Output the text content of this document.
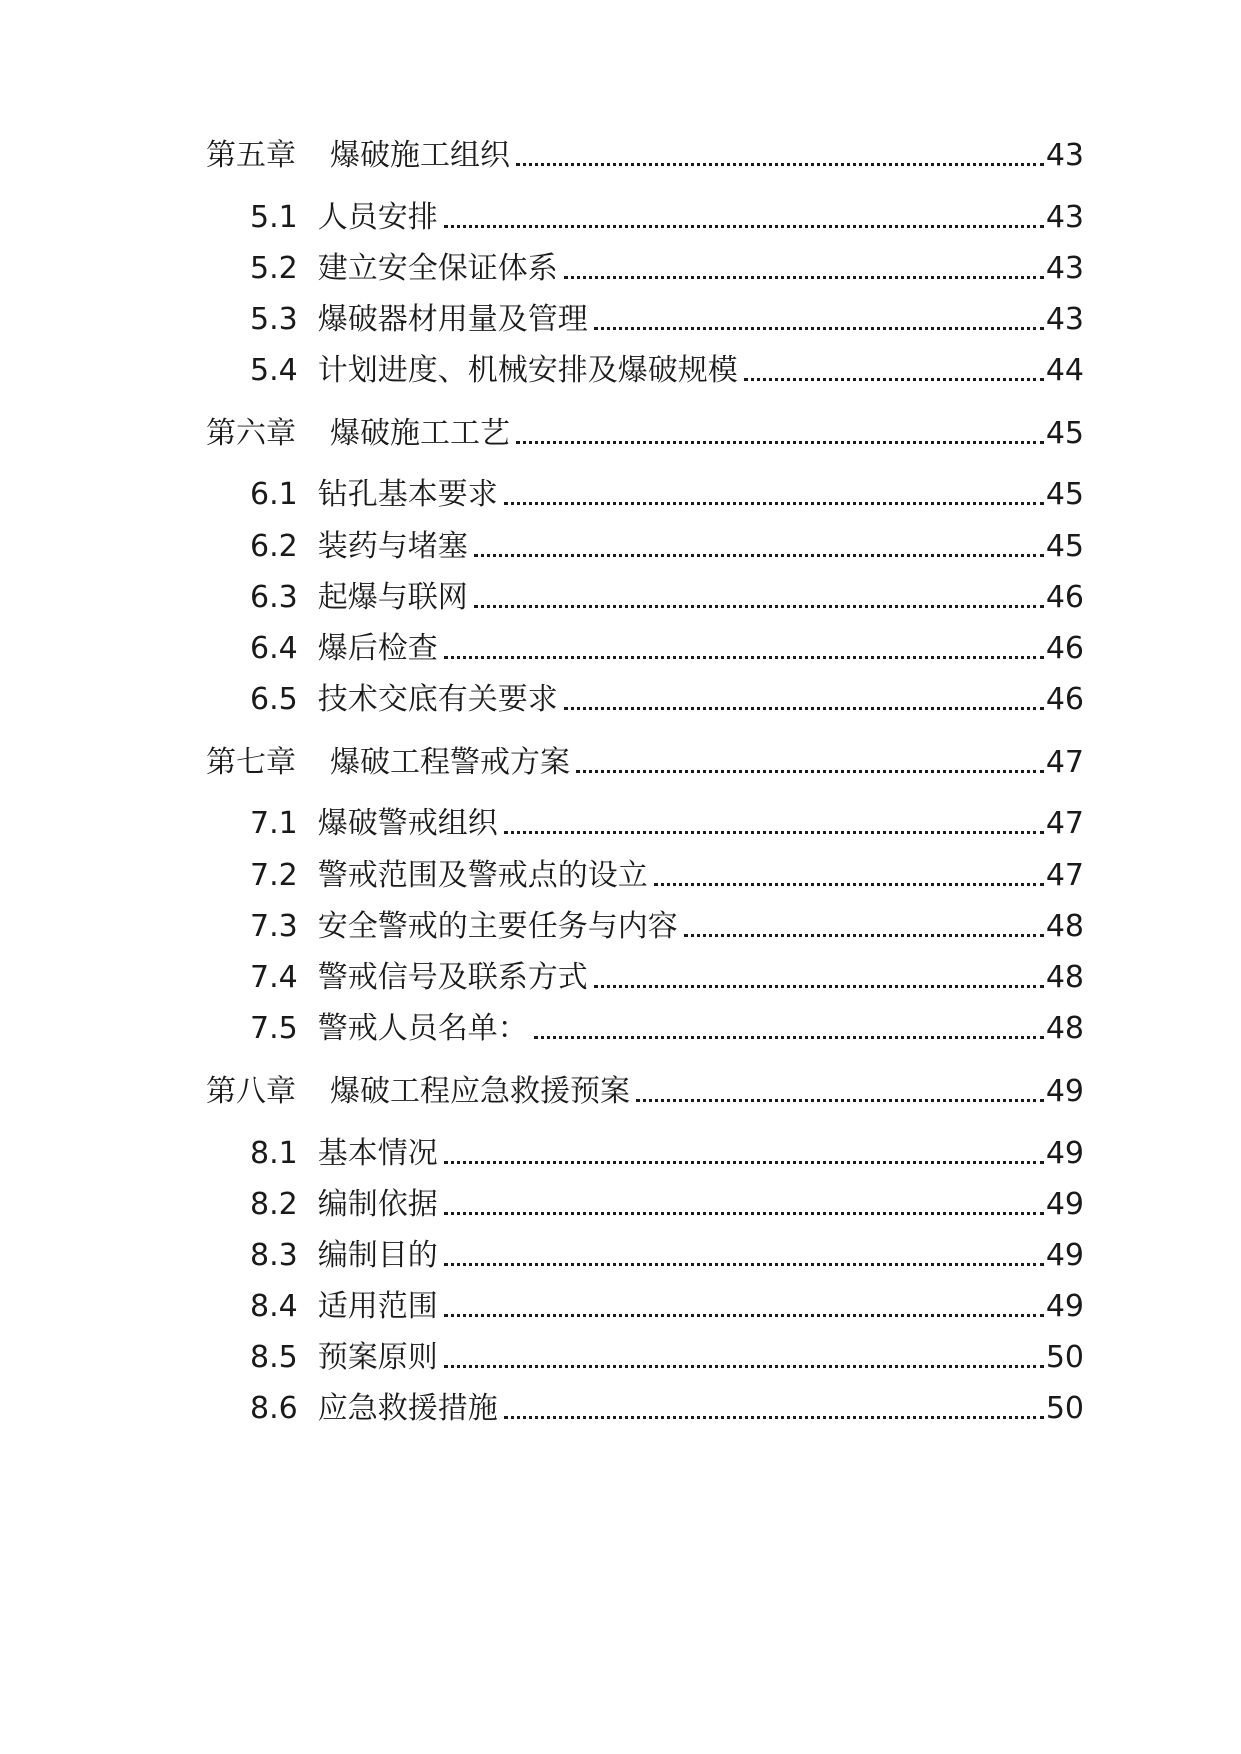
第五章 爆破施工组织	43
5.1 人员安排	43
5.2 建立安全保证体系	43
5.3 爆破器材用量及管理	43
5.4 计划进度、机械安排及爆破规模	44
第六章 爆破施工工艺	45
6.1 钻孔基本要求	45
6.2 装药与堵塞	45
6.3 起爆与联网	46
6.4 爆后检查	46
6.5 技术交底有关要求	46
第七章 爆破工程警戒方案	47
7.1 爆破警戒组织	47
7.2 警戒范围及警戒点的设立	47
7.3 安全警戒的主要任务与内容	48
7.4 警戒信号及联系方式	48
7.5 警戒人员名单：	48
第八章 爆破工程应急救援预案	49
8.1 基本情况	49
8.2 编制依据	49
8.3 编制目的	49
8.4 适用范围	49
8.5 预案原则	50
8.6 应急救援措施	50
